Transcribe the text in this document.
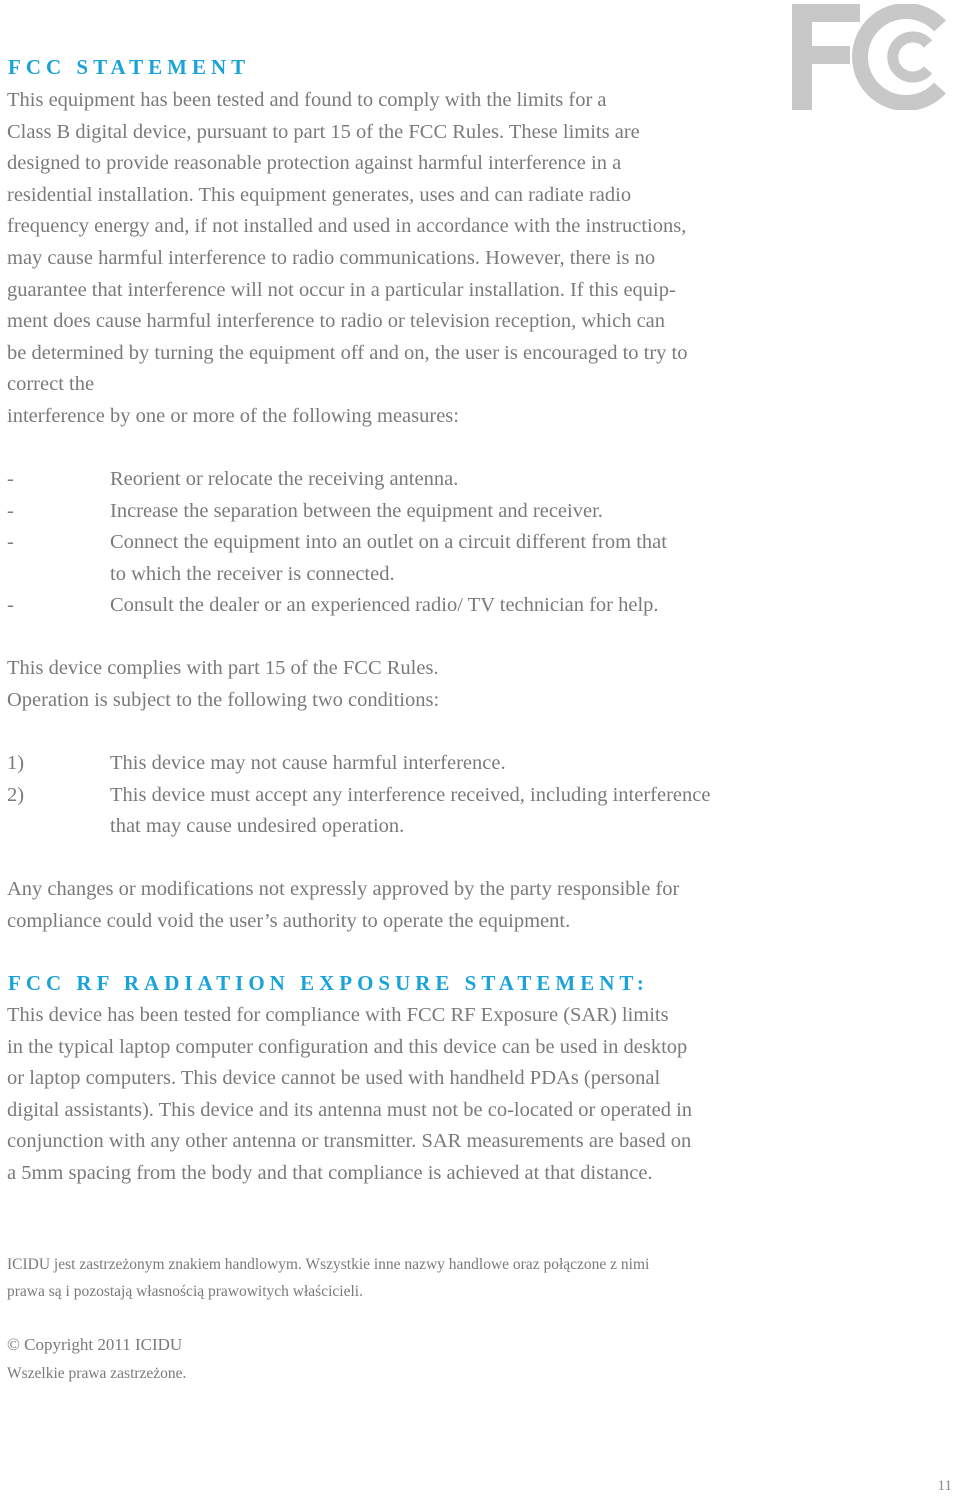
FCC STATEMENT
This equipment has been tested and found to comply with the limits for a
Class B digital device, pursuant to part 15 of the FCC Rules. These limits are
designed to provide reasonable protection against harmful interference in a
residential installation. This equipment generates, uses and can radiate radio
frequency energy and, if not installed and used in accordance with the instructions,
may cause harmful interference to radio communications. However, there is no
guarantee that interference will not occur in a particular installation. If this equip-
ment does cause harmful interference to radio or television reception, which can
be determined by turning the equipment off and on, the user is encouraged to try to
correct the
interference by one or more of the following measures:
-	Reorient or relocate the receiving antenna.
-	Increase the separation between the equipment and receiver.
-	Connect the equipment into an outlet on a circuit different from that
to which the receiver is connected.
-	Consult the dealer or an experienced radio/ TV technician for help.
This device complies with part 15 of the FCC Rules.
Operation is subject to the following two conditions:
1)	This device may not cause harmful interference.
2)	This device must accept any interference received, including interference
that may cause undesired operation.
Any changes or modifications not expressly approved by the party responsible for
compliance could void the user’s authority to operate the equipment.
FCC RF RADIATION EXPOSURE STATEMENT:
This device has been tested for compliance with FCC RF Exposure (SAR) limits
in the typical laptop computer configuration and this device can be used in desktop
or laptop computers. This device cannot be used with handheld PDAs (personal
digital assistants). This device and its antenna must not be co-located or operated in
conjunction with any other antenna or transmitter. SAR measurements are based on
a 5mm spacing from the body and that compliance is achieved at that distance.
ICIDU jest zastrzeżonym znakiem handlowym. Wszystkie inne nazwy handlowe oraz połączone z nimi
prawa są i pozostają własnością prawowitych właścicieli.
© Copyright 2011 ICIDU
Wszelkie prawa zastrzeżone.
11
